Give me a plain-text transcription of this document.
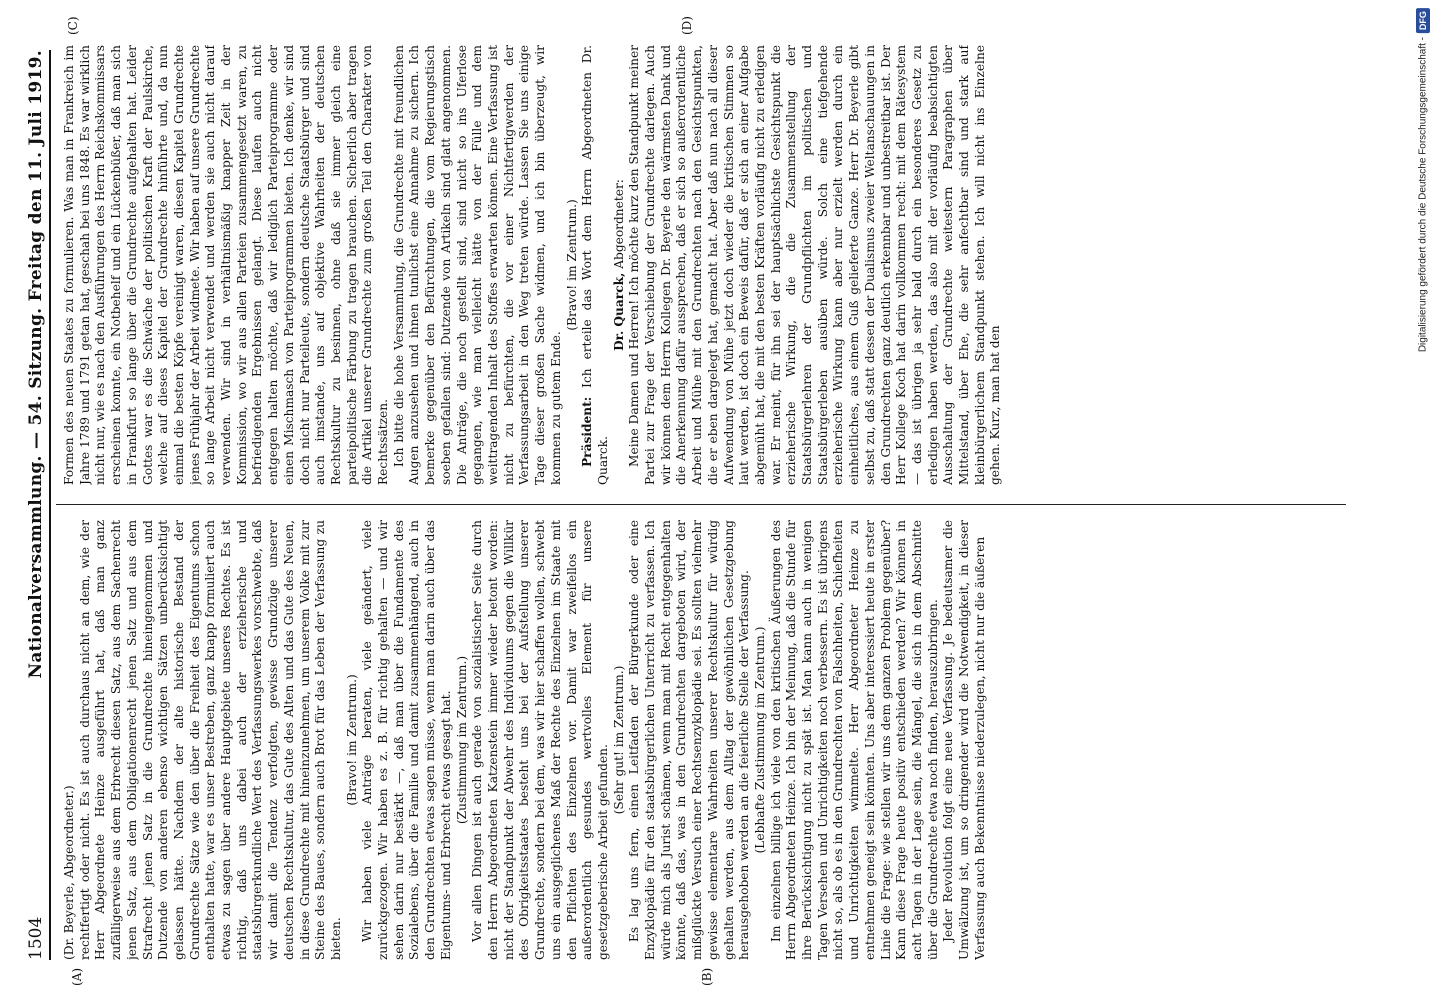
1504
Nationalversammlung. — 54. Sitzung. Freitag den 11. Juli 1919.
(A)	(B)
(C)	(D)

(Dr. Beyerle, Abgeordneter.) rechtfertigt oder nicht. Es ist auch durchaus nicht an dem, wie der Herr Abgeordnete Heinze ausgeführt hat, daß man ganz zufälligerweise aus dem Erbrecht diesen Satz, aus dem Sachenrecht jenen Satz, aus dem Obligationenrecht jenen Satz und aus dem Strafrecht jenen Satz in die Grundrechte hineingenommen und Dutzende von anderen ebenso wichtigen Sätzen unberücksichtigt gelassen hätte. Nachdem der alte historische Bestand der Grundrechte Sätze wie den über die Freiheit des Eigentums schon enthalten hatte, war es unser Bestreben, ganz knapp formuliert auch etwas zu sagen über andere Hauptgebiete unseres Rechtes. Es ist richtig, daß uns dabei auch der erzieherische und staatsbürgerkundliche Wert des Verfassungswerkes vorschwebte, daß wir damit die Tendenz verfolgten, gewisse Grundzüge unserer deutschen Rechtskultur, das Gute des Alten und das Gute des Neuen, in diese Grundrechte mit hineinzunehmen, um unserem Volke mit zur Steine des Baues, sondern auch Brot für das Leben der Verfassung zu bieten.

(Bravo! im Zentrum.) Wir haben viele Anträge beraten, viele geändert, viele zurückgezogen. Wir haben es z. B. für richtig gehalten — und wir sehen darin nur bestärkt —, daß man über die Fundamente des Sozialebens, über die Familie und damit zusammenhängend, auch in den Grundrechten etwas sagen müsse, wenn man darin auch über das Eigentums- und Erbrecht etwas gesagt hat. (Zustimmung im Zentrum.) Vor allen Dingen ist auch gerade von sozialistischer Seite durch den Herrn Abgeordneten Katzenstein immer wieder betont worden: nicht der Standpunkt der Abwehr des Individuums gegen die Willkür des Obrigkeitsstaates besteht uns bei der Aufstellung unserer Grundrechte, sondern bei dem, was wir hier schaffen wollen, schwebt uns ein ausgeglichenes Maß der Rechte des Einzelnen im Staate mit den Pflichten des Einzelnen vor. Damit war zweifellos ein außerordentlich gesundes wertvolles Element für unsere gesetzgeberische Arbeit gefunden.

(Sehr gut! im Zentrum.) Es lag uns fern, einen Leitfaden der Bürgerkunde oder eine Enzyklopädie für den staatsbürgerlichen Unterricht zu verfassen. Ich würde mich als Jurist schämen, wenn man mit Recht entgegenhalten könnte, daß das, was in den Grundrechten dargeboten wird, der mißglückte Versuch einer Rechtsenzyklopädie sei. Es sollten vielmehr gewisse elementare Wahrheiten unserer Rechtskultur für würdig gehalten werden, aus dem Alltag der gewöhnlichen Gesetzgebung herausgehoben werden an die feierliche Stelle der Verfassung. (Lebhafte Zustimmung im Zentrum.) Im einzelnen billige ich viele von den kritischen Äußerungen des Herrn Abgeordneten Heinze. Ich bin der Meinung, daß die Stunde für ihre Berücksichtigung nicht zu spät ist. Man kann auch in wenigen Tagen Versehen und Unrichtigkeiten noch verbessern. Es ist übrigens nicht so, als ob es in den Grundrechten von Falschheiten, Schiefheiten und Unrichtigkeiten wimmelte. Herr Abgeordneter Heinze zu entnehmen geneigt sein könnten. Uns aber interessiert heute in erster Linie die Frage: wie stellen wir uns dem ganzen Problem gegenüber? Kann diese Frage heute positiv entschieden werden? Wir können in acht Tagen in der Lage sein, die Mängel, die sich in dem Abschnitte über die Grundrechte etwa noch finden, herauszubringen. Jeder Revolution folgt eine neue Verfassung. Je bedeutsamer die Umwälzung ist, um so dringender wird die Notwendigkeit, in dieser Verfassung auch Bekenntnisse niederzulegen, nicht nur die äußeren

Formen des neuen Staates zu formulieren. Was man in Frankreich im Jahre 1789 und 1791 getan hat, geschah bei uns 1848. Es war wirklich nicht nur, wie es nach den Ausführungen des Herrn Reichskommissars erscheinen konnte, ein Notbehelf und ein Lückenbüßer, daß man sich in Frankfurt so lange über die Grundrechte aufgehalten hat. Leider Gottes war es die Schwäche der politischen Kraft der Paulskirche, welche auf dieses Kapitel der Grundrechte hinführte und, da nun einmal die besten Köpfe vereinigt waren, diesen Kapitel Grundrechte jenes Frühjahr der Arbeit widmete. Wir haben auf unsere Grundrechte so lange Arbeit nicht verwendet und werden sie auch nicht darauf verwenden. Wir sind in verhältnismäßig knapper Zeit in der Kommission, wo wir aus allen Parteien zusammengesetzt waren, zu befriedigenden Ergebnissen gelangt. Diese laufen auch nicht entgegen halten möchte, daß wir lediglich Parteiprogramme oder einen Mischmasch von Parteiprogrammen bieten. Ich denke, wir sind doch nicht nur Parteileute, sondern deutsche Staatsbürger und sind auch imstande, uns auf objektive Wahrheiten der deutschen Rechtskultur zu besinnen, ohne daß sie immer gleich eine parteipolitische Färbung zu tragen brauchen. Sicherlich aber tragen die Artikel unserer Grundrechte zum großen Teil den Charakter von Rechtssätzen. Ich bitte die hohe Versammlung, die Grundrechte mit freundlichen Augen anzusehen und ihnen tunlichst eine Annahme zu sichern. Ich bemerke gegenüber den Befürchtungen, die vom Regierungstisch soeben gefallen sind: Dutzende von Artikeln sind glatt angenommen. Die Anträge, die noch gestellt sind, sind nicht so ins Uferlose gegangen, wie man vielleicht hätte von der Fülle und dem weittragenden Inhalt des Stoffes erwarten können. Eine Verfassung ist nicht zu befürchten, die vor einer Nichtfertigwerden der Verfassungsarbeit in den Weg treten würde. Lassen Sie uns einige Tage dieser großen Sache widmen, und ich bin überzeugt, wir kommen zu gutem Ende.

(Bravo! im Zentrum.)

Präsident: Ich erteile das Wort dem Herrn Abgeordneten Dr. Quarck.

Dr. Quarck, Abgeordneter: Meine Damen und Herren! Ich möchte kurz den Standpunkt meiner Partei zur Frage der Verschiebung der Grundrechte darlegen. Auch wir können dem Herrn Kollegen Dr. Beyerle den wärmsten Dank und die Anerkennung dafür aussprechen, daß er sich so außerordentliche Arbeit und Mühe mit den Grundrechten nach den Gesichtspunkten, die er eben dargelegt hat, gemacht hat. Aber daß nun nach all dieser Aufwendung von Mühe jetzt doch wieder die kritischen Stimmen so laut werden, ist doch ein Beweis dafür, daß er sich an einer Aufgabe abgemüht hat, die mit den besten Kräften vorläufig nicht zu erledigen war. Er meint, für ihn sei der hauptsächlichste Gesichtspunkt die erzieherische Wirkung, die die Zusammenstellung der Staatsbürgerlehren der Grundpflichten im politischen und Staatsbürgerleben ausüben würde. Solch eine tiefgehende erzieherische Wirkung kann aber nur erzielt werden durch ein einheitliches, aus einem Guß gelieferte Ganze. Herr Dr. Beyerle gibt selbst zu, daß statt dessen der Dualismus zweier Weltanschauungen in den Grundrechten ganz deutlich erkennbar und unbestreitbar ist. Der Herr Kollege Koch hat darin vollkommen recht: mit dem Rätesystem — das ist übrigen ja sehr bald durch ein besonderes Gesetz zu erledigen haben werden, das also mit der vorläufig beabsichtigten Ausschaltung der Grundrechte weitestern Paragraphen über Mittelstand, über Ehe, die sehr anfechtbar sind und stark auf kleinbürgerlichem Standpunkt stehen. Ich will nicht ins Einzelne gehen. Kurz, man hat den

Digitalisierung gefördert durch die Deutsche Forschungsgemeinschaft -
DFG
